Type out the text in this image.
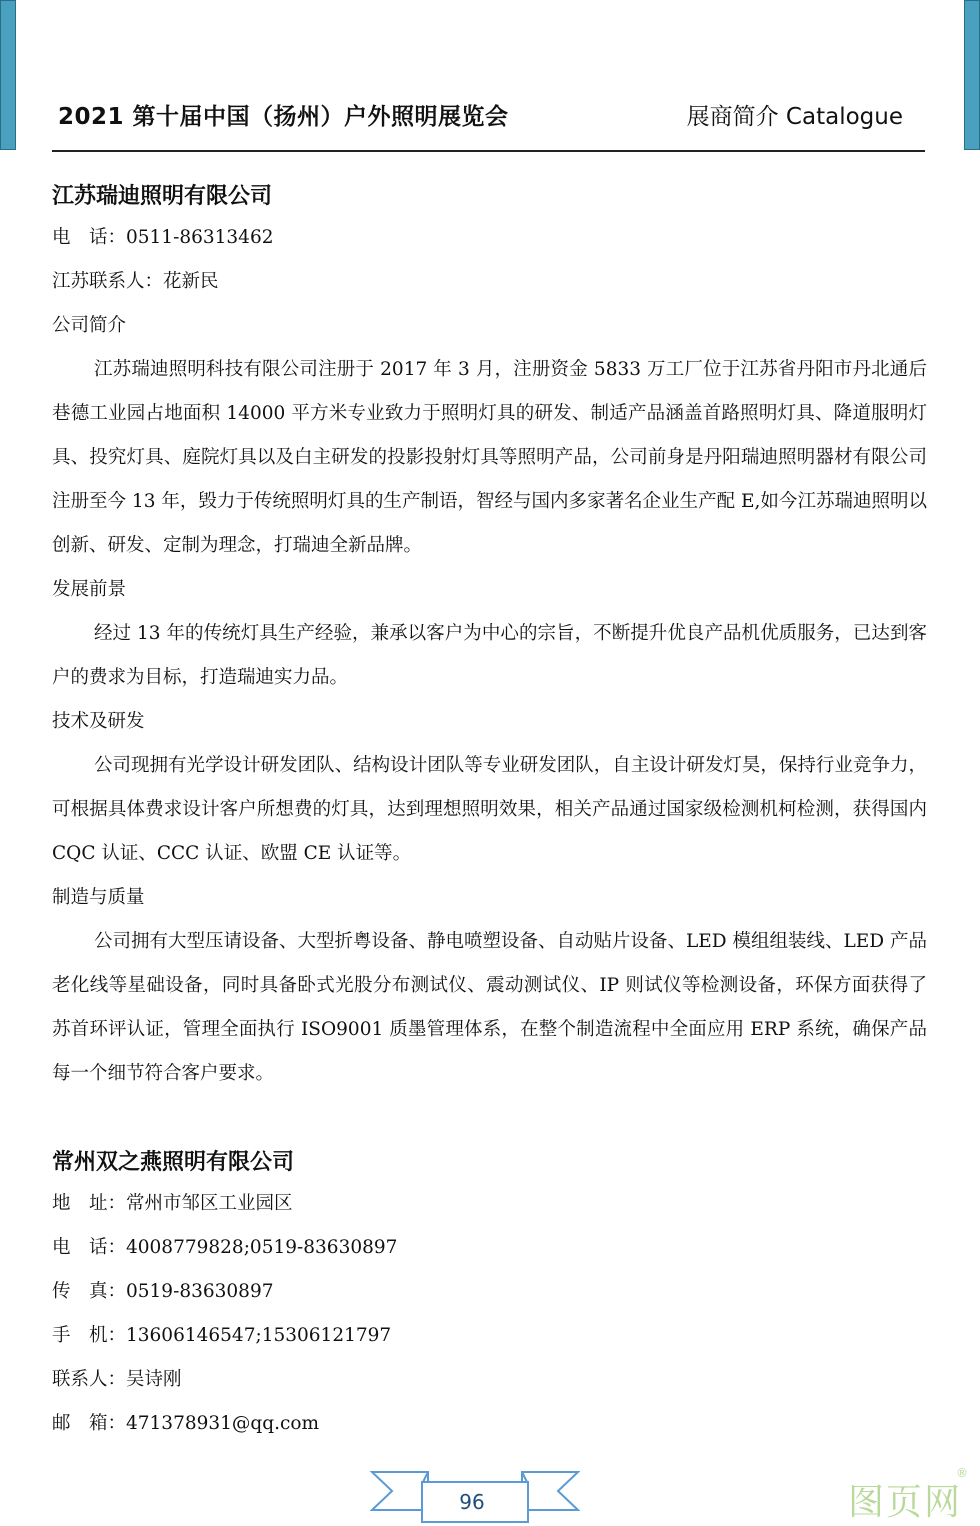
2021 第十届中国（扬州）户外照明展览会	展商简介 Catalogue
江苏瑞迪照明有限公司
电　话：0511-86313462
江苏联系人：花新民
公司简介

江苏瑞迪照明科技有限公司注册于 2017 年 3 月，注册资金 5833 万工厂位于江苏省丹阳市丹北通后巷德工业园占地面积 14000 平方米专业致力于照明灯具的研发、制适产品涵盖首路照明灯具、降道服明灯具、投究灯具、庭院灯具以及白主研发的投影投射灯具等照明产品，公司前身是丹阳瑞迪照明器材有限公司注册至今 13 年，毁力于传统照明灯具的生产制语，智经与国内多家著名企业生产配 E,如今江苏瑞迪照明以创新、研发、定制为理念，打瑞迪全新品牌。

发展前景

经过 13 年的传统灯具生产经验，兼承以客户为中心的宗旨，不断提升优良产品机优质服务，已达到客户的费求为目标，打造瑞迪实力品。

技术及研发

公司现拥有光学设计研发团队、结构设计团队等专业研发团队，自主设计研发灯昊，保持行业竞争力，可根据具体费求设计客户所想费的灯具，达到理想照明效果，相关产品通过国家级检测机柯检测，获得国内 CQC 认证、CCC 认证、欧盟 CE 认证等。

制造与质量

公司拥有大型压请设备、大型折粤设备、静电喷塑设备、自动贴片设备、LED 模组组装线、LED 产品老化线等星础设备，同时具备卧式光股分布测试仪、震动测试仪、IP 则试仪等检测设备，环保方面获得了苏首环评认证，管理全面执行 ISO9001 质墨管理体系，在整个制造流程中全面应用 ERP 系统，确保产品每一个细节符合客户要求。

常州双之燕照明有限公司
地　址：常州市邹区工业园区
电　话：4008779828;0519-83630897
传　真：0519-83630897
手　机：13606146547;15306121797
联系人：吴诗刚
邮　箱：471378931@qq.com
96	图页网
®
